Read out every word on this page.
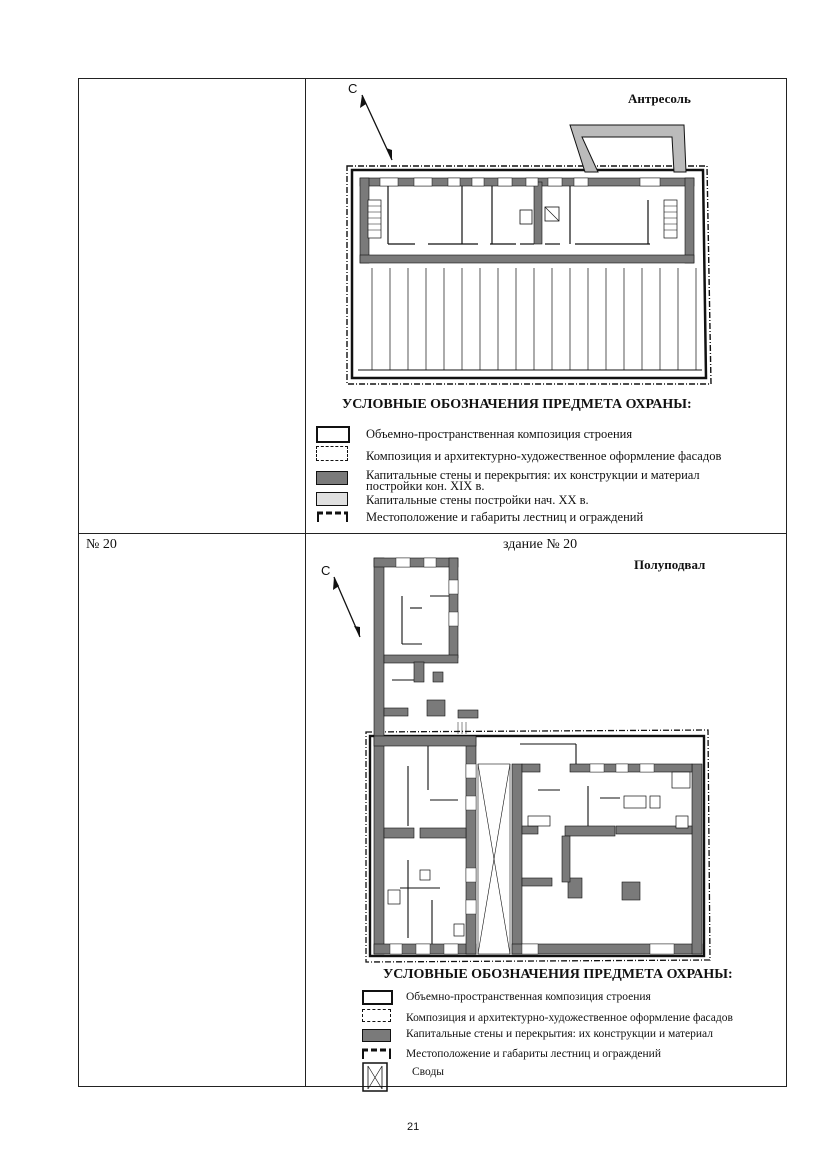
Антресоль
С
УСЛОВНЫЕ ОБОЗНАЧЕНИЯ ПРЕДМЕТА ОХРАНЫ:
Объемно-пространственная композиция строения
Композиция и архитектурно-художественное оформление фасадов
Капитальные стены и перекрытия: их конструкции и материал
постройки кон. XIX в.
Капитальные стены постройки нач. XX в.
Местоположение и габариты лестниц и ограждений
№ 20	здание № 20
Полуподвал
С
УСЛОВНЫЕ ОБОЗНАЧЕНИЯ ПРЕДМЕТА ОХРАНЫ:
Объемно-пространственная композиция строения
Композиция и архитектурно-художественное оформление фасадов
Капитальные стены и перекрытия: их конструкции и материал
Местоположение и габариты лестниц и ограждений
Своды
21
